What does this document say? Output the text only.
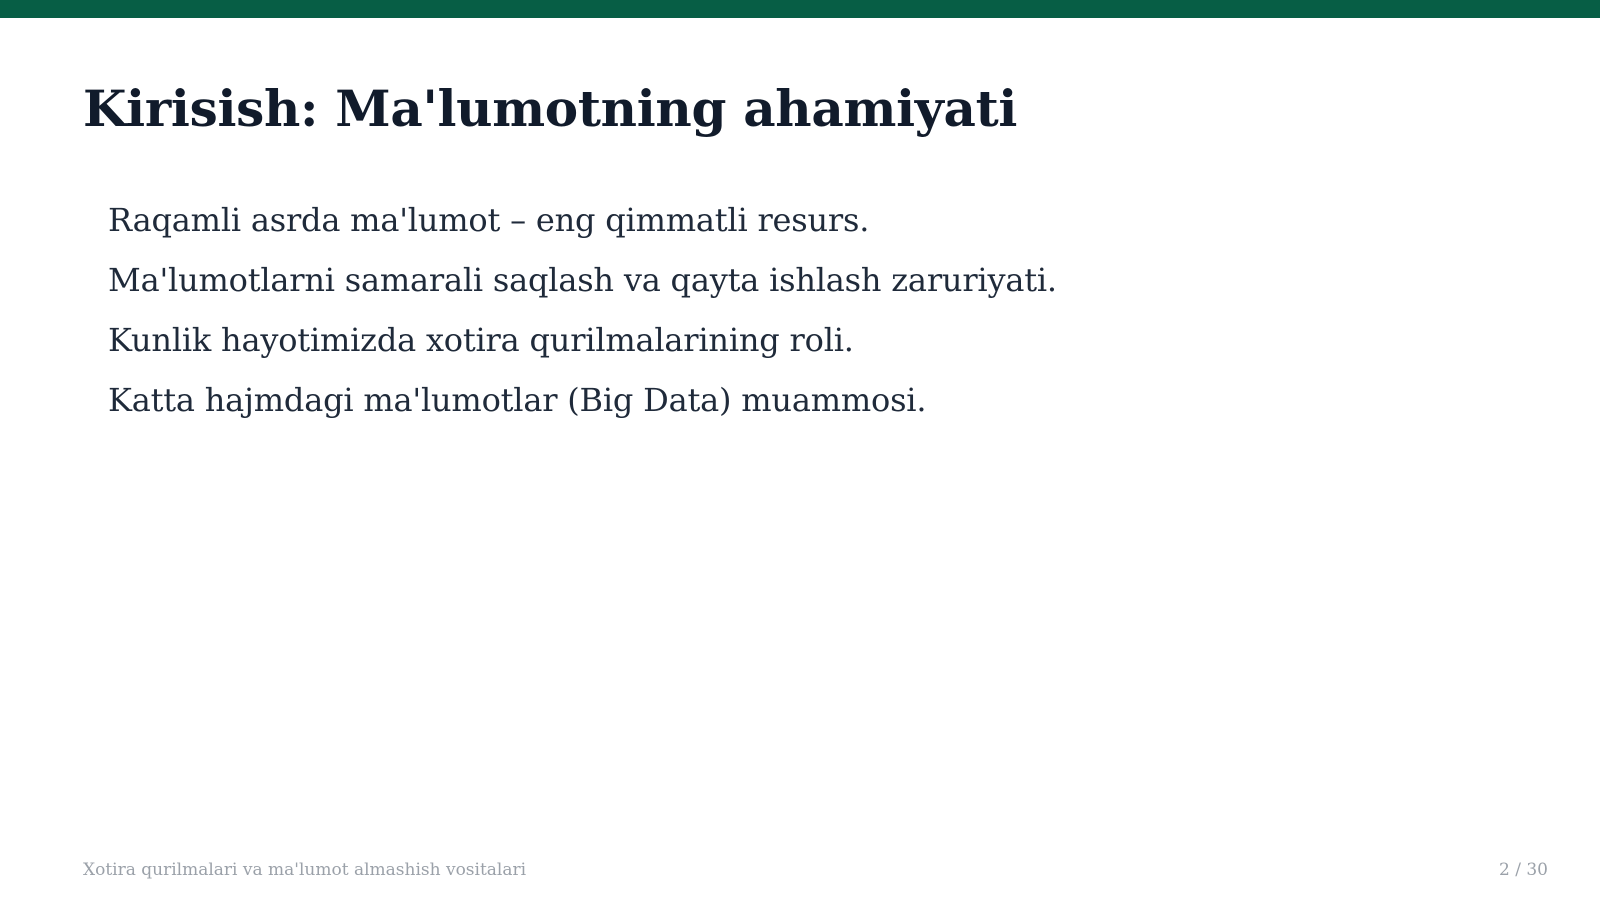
Kirisish: Ma'lumotning ahamiyati
Raqamli asrda ma'lumot – eng qimmatli resurs.
Ma'lumotlarni samarali saqlash va qayta ishlash zaruriyati.
Kunlik hayotimizda xotira qurilmalarining roli.
Katta hajmdagi ma'lumotlar (Big Data) muammosi.
Xotira qurilmalari va ma'lumot almashish vositalari	2 / 30
